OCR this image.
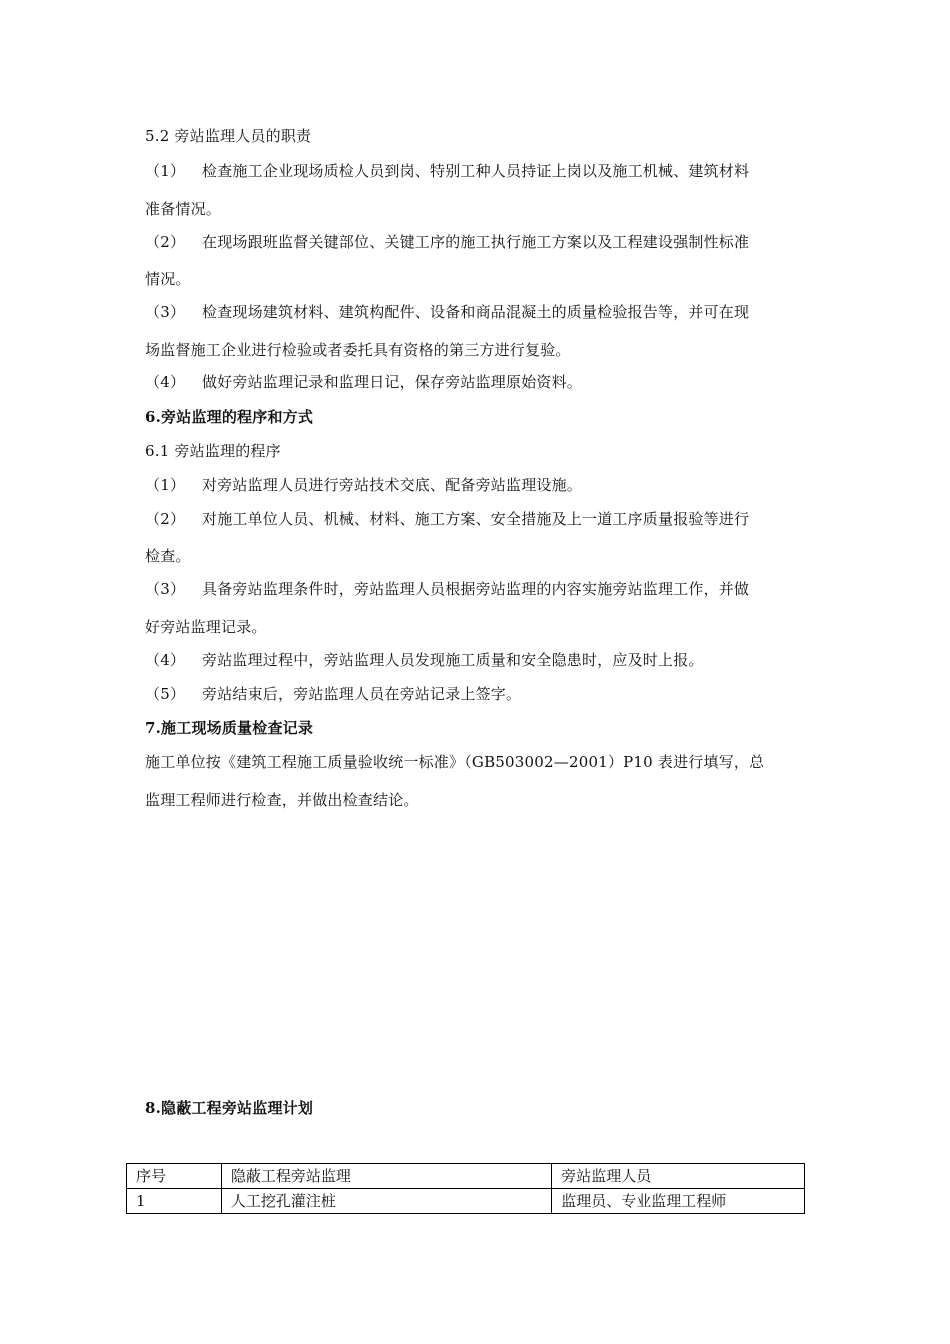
5.2 旁站监理人员的职责
（1） 检查施工企业现场质检人员到岗、特别工种人员持证上岗以及施工机械、建筑材料
准备情况。
（2） 在现场跟班监督关键部位、关键工序的施工执行施工方案以及工程建设强制性标准
情况。
（3） 检查现场建筑材料、建筑构配件、设备和商品混凝土的质量检验报告等，并可在现
场监督施工企业进行检验或者委托具有资格的第三方进行复验。
（4） 做好旁站监理记录和监理日记，保存旁站监理原始资料。
6.旁站监理的程序和方式
6.1 旁站监理的程序
（1） 对旁站监理人员进行旁站技术交底、配备旁站监理设施。
（2） 对施工单位人员、机械、材料、施工方案、安全措施及上一道工序质量报验等进行
检查。
（3） 具备旁站监理条件时，旁站监理人员根据旁站监理的内容实施旁站监理工作，并做
好旁站监理记录。
（4） 旁站监理过程中，旁站监理人员发现施工质量和安全隐患时，应及时上报。
（5） 旁站结束后，旁站监理人员在旁站记录上签字。
7.施工现场质量检查记录
施工单位按《建筑工程施工质量验收统一标准》（GB503002—2001）P10 表进行填写，总
监理工程师进行检查，并做出检查结论。
8.隐蔽工程旁站监理计划
序号	隐蔽工程旁站监理	旁站监理人员
1	人工挖孔灌注桩	监理员、专业监理工程师
